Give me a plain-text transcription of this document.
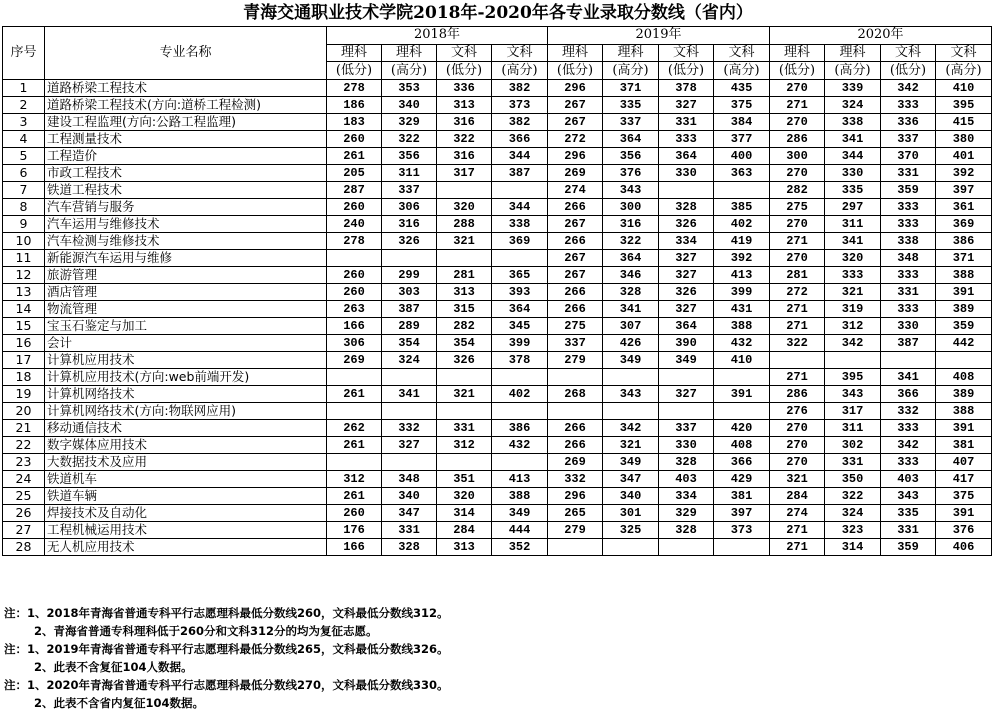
青海交通职业技术学院2018年-2020年各专业录取分数线（省内）
序号	专业名称	2018年				2019年				2020年			
		理科	理科	文科	文科	理科	理科	文科	文科	理科	理科	文科	文科
		(低分)	(高分)	(低分)	(高分)	(低分)	(高分)	(低分)	(高分)	(低分)	(高分)	(低分)	(高分)
1	道路桥梁工程技术	278	353	336	382	296	371	378	435	270	339	342	410
2	道路桥梁工程技术(方向:道桥工程检测)	186	340	313	373	267	335	327	375	271	324	333	395
3	建设工程监理(方向:公路工程监理)	183	329	316	382	267	337	331	384	270	338	336	415
4	工程测量技术	260	322	322	366	272	364	333	377	286	341	337	380
5	工程造价	261	356	316	344	296	356	364	400	300	344	370	401
6	市政工程技术	205	311	317	387	269	376	330	363	270	330	331	392
7	铁道工程技术	287	337			274	343			282	335	359	397
8	汽车营销与服务	260	306	320	344	266	300	328	385	275	297	333	361
9	汽车运用与维修技术	240	316	288	338	267	316	326	402	270	311	333	369
10	汽车检测与维修技术	278	326	321	369	266	322	334	419	271	341	338	386
11	新能源汽车运用与维修					267	364	327	392	270	320	348	371
12	旅游管理	260	299	281	365	267	346	327	413	281	333	333	388
13	酒店管理	260	303	313	393	266	328	326	399	272	321	331	391
14	物流管理	263	387	315	364	266	341	327	431	271	319	333	389
15	宝玉石鉴定与加工	166	289	282	345	275	307	364	388	271	312	330	359
16	会计	306	354	354	399	337	426	390	432	322	342	387	442
17	计算机应用技术	269	324	326	378	279	349	349	410				
18	计算机应用技术(方向:web前端开发)									271	395	341	408
19	计算机网络技术	261	341	321	402	268	343	327	391	286	343	366	389
20	计算机网络技术(方向:物联网应用)									276	317	332	388
21	移动通信技术	262	332	331	386	266	342	337	420	270	311	333	391
22	数字媒体应用技术	261	327	312	432	266	321	330	408	270	302	342	381
23	大数据技术及应用					269	349	328	366	270	331	333	407
24	铁道机车	312	348	351	413	332	347	403	429	321	350	403	417
25	铁道车辆	261	340	320	388	296	340	334	381	284	322	343	375
26	焊接技术及自动化	260	347	314	349	265	301	329	397	274	324	335	391
27	工程机械运用技术	176	331	284	444	279	325	328	373	271	323	331	376
28	无人机应用技术	166	328	313	352					271	314	359	406
注：1、2018年青海省普通专科平行志愿理科最低分数线260，文科最低分数线312。
2、青海省普通专科理科低于260分和文科312分的均为复征志愿。
注：1、2019年青海省普通专科平行志愿理科最低分数线265，文科最低分数线326。
2、此表不含复征104人数据。
注：1、2020年青海省普通专科平行志愿理科最低分数线270，文科最低分数线330。
2、此表不含省内复征104数据。
